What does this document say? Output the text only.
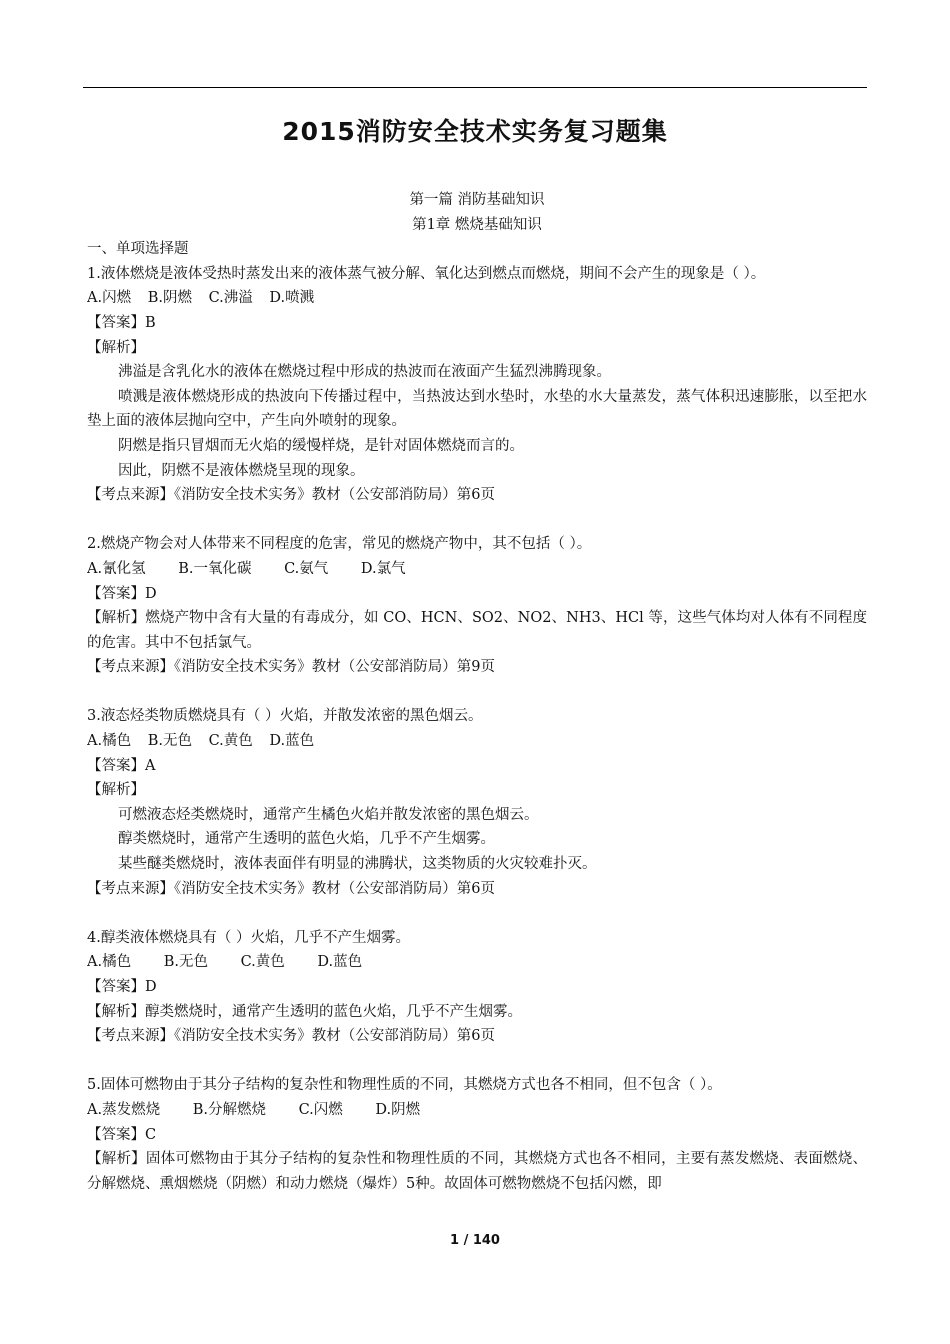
2015消防安全技术实务复习题集
第一篇 消防基础知识
第1章 燃烧基础知识
一、单项选择题
1.液体燃烧是液体受热时蒸发出来的液体蒸气被分解、氧化达到燃点而燃烧，期间不会产生的现象是（ ）。
A.闪燃 B.阴燃 C.沸溢 D.喷溅
【答案】B
【解析】
沸溢是含乳化水的液体在燃烧过程中形成的热波而在液面产生猛烈沸腾现象。
喷溅是液体燃烧形成的热波向下传播过程中，当热波达到水垫时，水垫的水大量蒸发，蒸气体积迅速膨胀，以至把水垫上面的液体层抛向空中，产生向外喷射的现象。
阴燃是指只冒烟而无火焰的缓慢样烧，是针对固体燃烧而言的。
因此，阴燃不是液体燃烧呈现的现象。
【考点来源】《消防安全技术实务》教材（公安部消防局）第6页
2.燃烧产物会对人体带来不同程度的危害，常见的燃烧产物中，其不包括（ ）。
A.氰化氢 B.一氧化碳 C.氨气 D.氯气
【答案】D
【解析】燃烧产物中含有大量的有毒成分，如 CO、HCN、SO2、NO2、NH3、HCl 等，这些气体均对人体有不同程度的危害。其中不包括氯气。
【考点来源】《消防安全技术实务》教材（公安部消防局）第9页
3.液态烃类物质燃烧具有（ ）火焰，并散发浓密的黑色烟云。
A.橘色 B.无色 C.黄色 D.蓝色
【答案】A
【解析】
可燃液态烃类燃烧时，通常产生橘色火焰并散发浓密的黑色烟云。
醇类燃烧时，通常产生透明的蓝色火焰，几乎不产生烟雾。
某些醚类燃烧时，液体表面伴有明显的沸腾状，这类物质的火灾较难扑灭。
【考点来源】《消防安全技术实务》教材（公安部消防局）第6页
4.醇类液体燃烧具有（ ）火焰，几乎不产生烟雾。
A.橘色 B.无色 C.黄色 D.蓝色
【答案】D
【解析】醇类燃烧时，通常产生透明的蓝色火焰，几乎不产生烟雾。
【考点来源】《消防安全技术实务》教材（公安部消防局）第6页
5.固体可燃物由于其分子结构的复杂性和物理性质的不同，其燃烧方式也各不相同，但不包含（ ）。
A.蒸发燃烧 B.分解燃烧 C.闪燃 D.阴燃
【答案】C
【解析】固体可燃物由于其分子结构的复杂性和物理性质的不同，其燃烧方式也各不相同，主要有蒸发燃烧、表面燃烧、分解燃烧、熏烟燃烧（阴燃）和动力燃烧（爆炸）5种。故固体可燃物燃烧不包括闪燃，即
1 / 140
